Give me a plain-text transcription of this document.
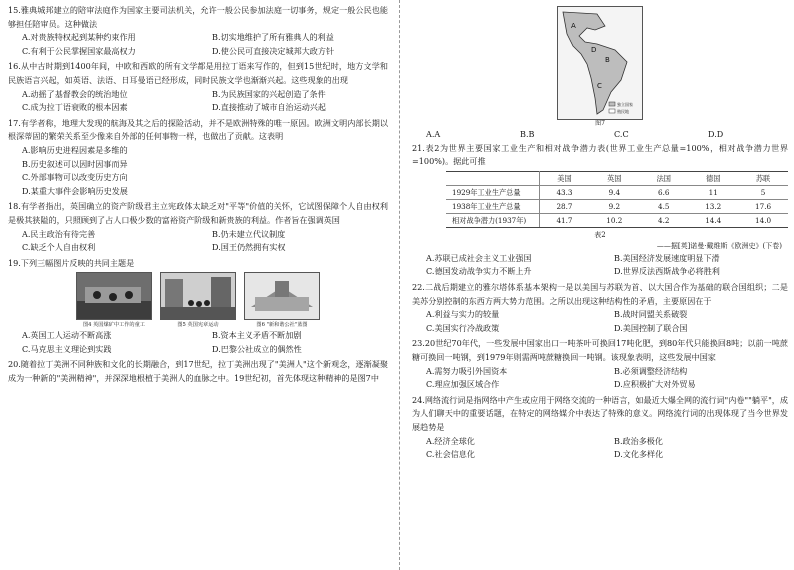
15.雅典城邦建立的陪审法庭作为国家主要司法机关，允许一般公民参加法庭一切事务，规定一般公民也能够担任陪审员。这种做法

A.对贵族特权起到某种约束作用	B.切实地维护了所有雅典人的利益
C.有利于公民掌握国家最高权力	D.使公民可直接决定城邦大政方针

16.从中古时期到1400年间，中欧和西欧的所有文学都是用拉丁语来写作的，但到15世纪时，地方文学和民族语言兴起，如英语、法语、日耳曼语已经形成，同时民族文学也渐渐兴起。这些现象的出现

A.动摇了基督教会的统治地位	B.为民族国家的兴起创造了条件
C.成为拉丁语衰败的根本因素	D.直接推动了城市自治运动兴起

17.有学者称，地理大发现的航海及其之后的探险活动，并不是欧洲特殊的唯一原因。欧洲文明内部长期以根深蒂固的繁荣关系至少像来自外部的任何事物一样，也做出了贡献。这表明

A.影响历史进程因素是多维的
B.历史叙述可以因时因事而异
C.外部事物可以改变历史方向
D.某重大事件会影响历史发展

18.有学者指出，英国确立的资产阶级君主立宪政体太缺乏对"平等"价值的关怀，它试图保障个人自由权利是极其狭隘的，只照顾到了占人口极少数的富裕资产阶级和新贵族的利益。作者旨在强调英国

A.民主政治有待完善	B.仍未建立代议制度
C.缺乏个人自由权利	D.国王仍然拥有实权

19.下列三幅图片反映的共同主题是

图4 英国煤矿中工作的童工	图5 英国宪章运动	图6 "新和谐公社"蓝图
A.英国工人运动不断高涨	B.资本主义矛盾不断加剧
C.马克思主义理论到实践	D.巴黎公社成立的偶然性

20.随着拉丁美洲不同种族和文化的长期融合，到17世纪，拉丁美洲出现了"美洲人"这个新观念，逐渐凝聚成为一种新的"美洲精神"，并深深地根植于美洲人的血脉之中。19世纪初，首先体现这种精神的是图7中

A
B
C
D
独立国家
殖民地
图7
A.A	B.B	C.C	D.D

21.表2为世界主要国家工业生产和相对战争潜力表(世界工业生产总量=100%，相对战争潜力世界=100%)。据此可推

	美国	英国	法国	德国	苏联
1929年工业生产总量	43.3	9.4	6.6	11	5
1938年工业生产总量	28.7	9.2	4.5	13.2	17.6
相对战争潜力(1937年)	41.7	10.2	4.2	14.4	14.0
表2
——据[英]诺曼·戴维斯《欧洲史》(下卷)
A.苏联已成社会主义工业强国	B.美国经济发展速度明显下滑
C.德国发动战争实力不断上升	D.世界反法西斯战争必将胜利

22.二战后期建立的雅尔塔体系基本架构一是以美国与苏联为首、以大国合作为基础的联合国组织；二是美苏分别控制的东西方两大势力范围。之所以出现这种结构性的矛盾，主要原因在于

A.利益与实力的较量	B.战时同盟关系破裂
C.美国实行冷战政策	D.美国控制了联合国

23.20世纪70年代，一些发展中国家出口一吨茶叶可换回17吨化肥，到80年代只能换回8吨；以前一吨蔗糖可换回一吨钢，到1979年则需两吨蔗糖换回一吨钢。该现象表明，这些发展中国家

A.需努力吸引外国资本	B.必须调整经济结构
C.理应加强区域合作	D.应积极扩大对外贸易

24.网络流行词是指网络中产生或应用于网络交流的一种语言，如最近大爆全网的流行词"内卷""躺平"，成为人们聊天中的重要话题，在特定的网络媒介中表达了特殊的意义。网络流行词的出现体现了当今世界发展趋势是

A.经济全球化	B.政治多极化
C.社会信息化	D.文化多样化
